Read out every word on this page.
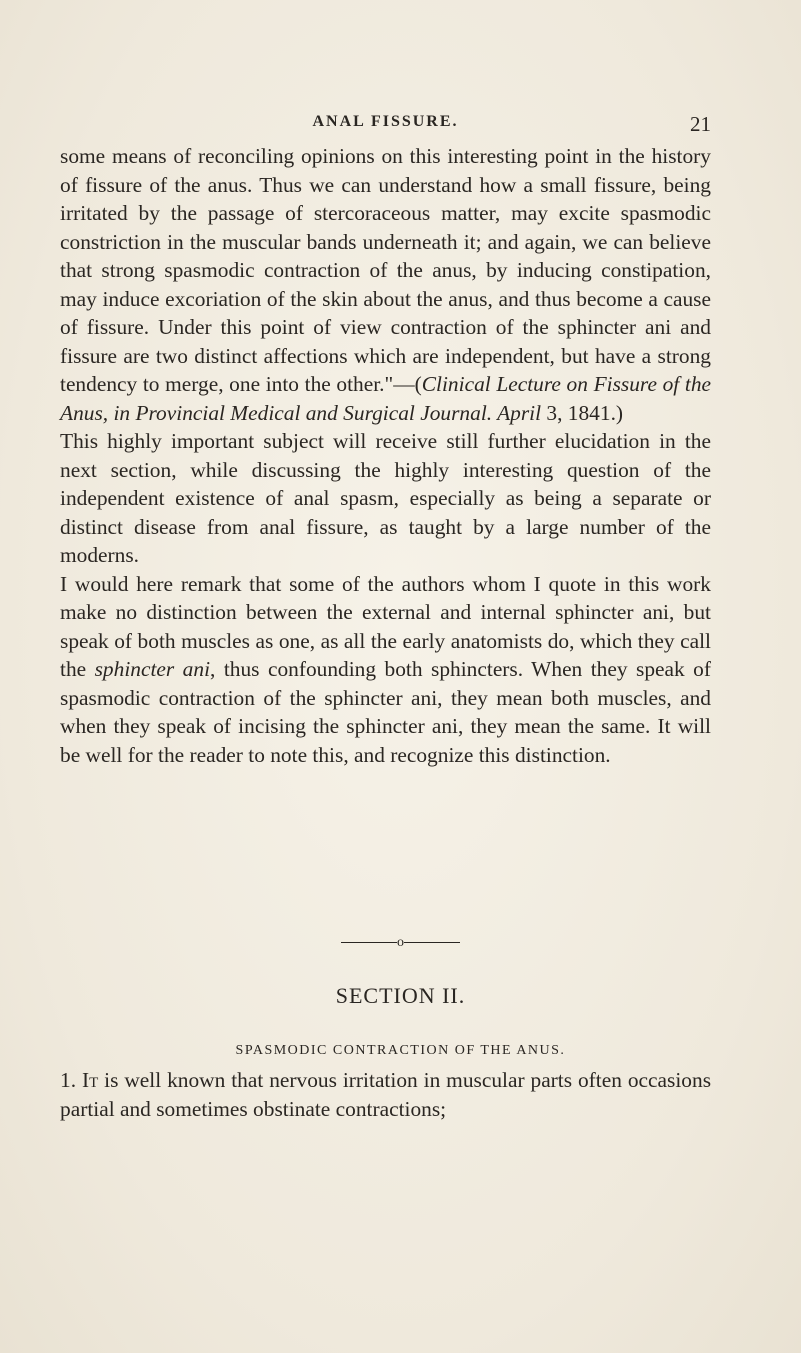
ANAL FISSURE.	21

some means of reconciling opinions on this interesting point in the history of fissure of the anus. Thus we can understand how a small fissure, being irritated by the passage of stercoraceous matter, may excite spasmodic constriction in the muscular bands underneath it; and again, we can believe that strong spasmodic contraction of the anus, by inducing constipation, may induce excoriation of the skin about the anus, and thus become a cause of fissure. Under this point of view contraction of the sphincter ani and fissure are two distinct affections which are independent, but have a strong tendency to merge, one into the other."—(Clinical Lecture on Fissure of the Anus, in Provincial Medical and Surgical Journal. April 3, 1841.)

This highly important subject will receive still further elucidation in the next section, while discussing the highly interesting question of the independent existence of anal spasm, especially as being a separate or distinct disease from anal fissure, as taught by a large number of the moderns.

I would here remark that some of the authors whom I quote in this work make no distinction between the external and internal sphincter ani, but speak of both muscles as one, as all the early anatomists do, which they call the sphincter ani, thus confounding both sphincters. When they speak of spasmodic contraction of the sphincter ani, they mean both muscles, and when they speak of incising the sphincter ani, they mean the same. It will be well for the reader to note this, and recognize this distinction.

o
SECTION II.
SPASMODIC CONTRACTION OF THE ANUS.

1. It is well known that nervous irritation in muscular parts often occasions partial and sometimes obstinate contractions;
